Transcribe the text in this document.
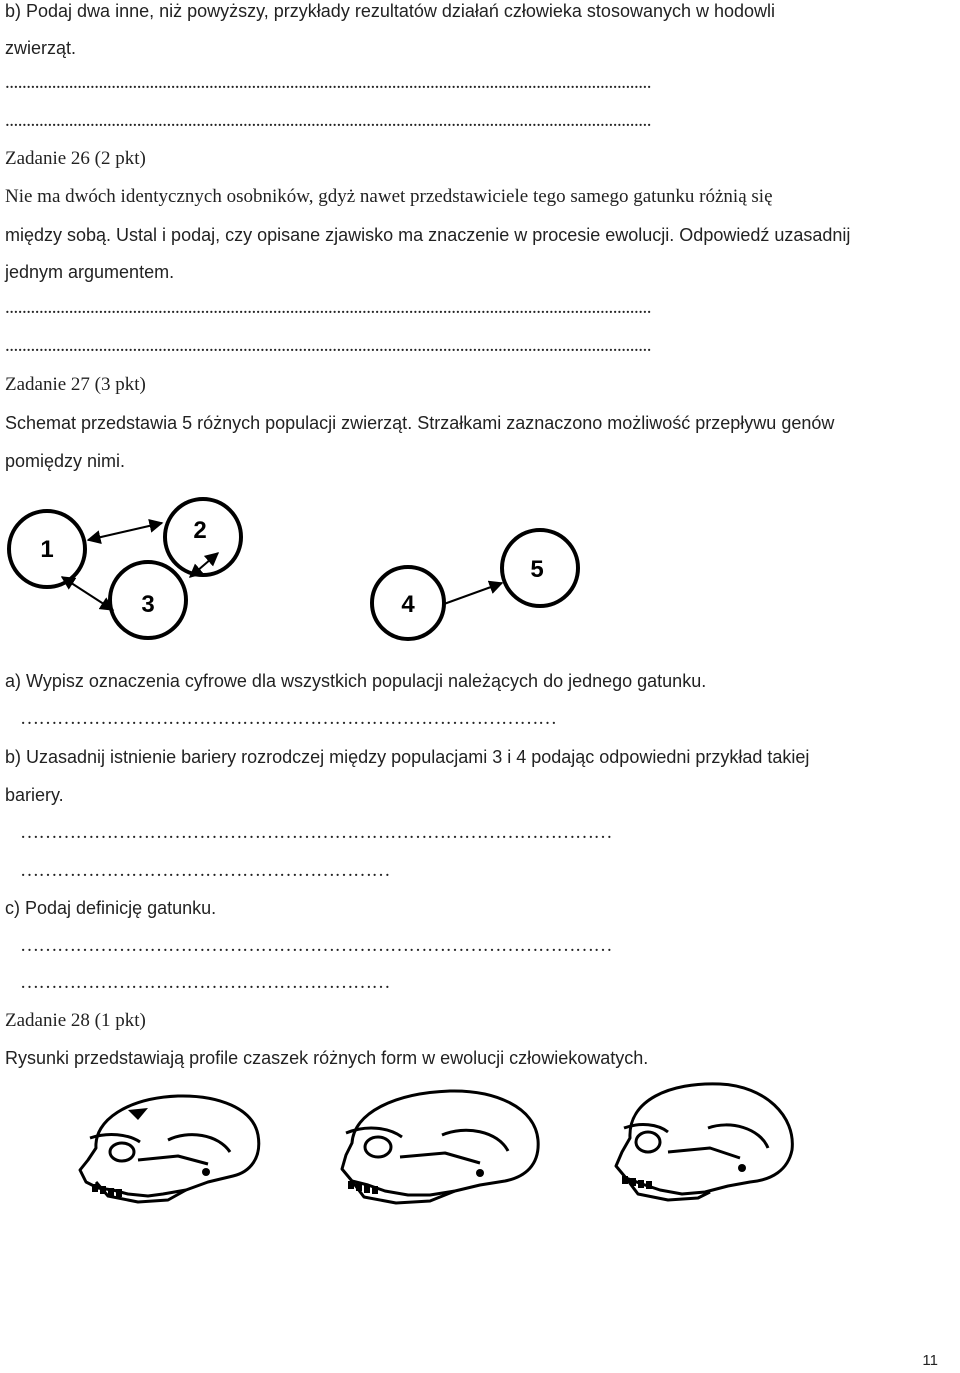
b) Podaj dwa inne, niż powyższy, przykłady rezultatów działań człowieka stosowanych w hodowli
zwierząt.
........................................................................................................................................................
........................................................................................................................................................
Zadanie 26 (2 pkt)
Nie ma dwóch identycznych osobników, gdyż nawet przedstawiciele tego samego gatunku różnią się
między sobą. Ustal i podaj, czy opisane zjawisko ma znaczenie w procesie ewolucji. Odpowiedź uzasadnij
jednym argumentem.
........................................................................................................................................................
........................................................................................................................................................
Zadanie 27 (3 pkt)
Schemat przedstawia 5 różnych populacji zwierząt. Strzałkami zaznaczono możliwość przepływu genów
pomiędzy nimi.
1
2
3	4
5
a) Wypisz oznaczenia cyfrowe dla wszystkich populacji należących do jednego gatunku.
……………………………………………………………………………
b) Uzasadnij istnienie bariery rozrodczej między populacjami 3 i 4 podając odpowiedni przykład takiej
bariery.
……………………………………………………………………………………
……………………………………………………
c) Podaj definicję gatunku.
……………………………………………………………………………………
……………………………………………………
Zadanie 28 (1 pkt)
Rysunki przedstawiają profile czaszek różnych form w ewolucji człowiekowatych.
11
